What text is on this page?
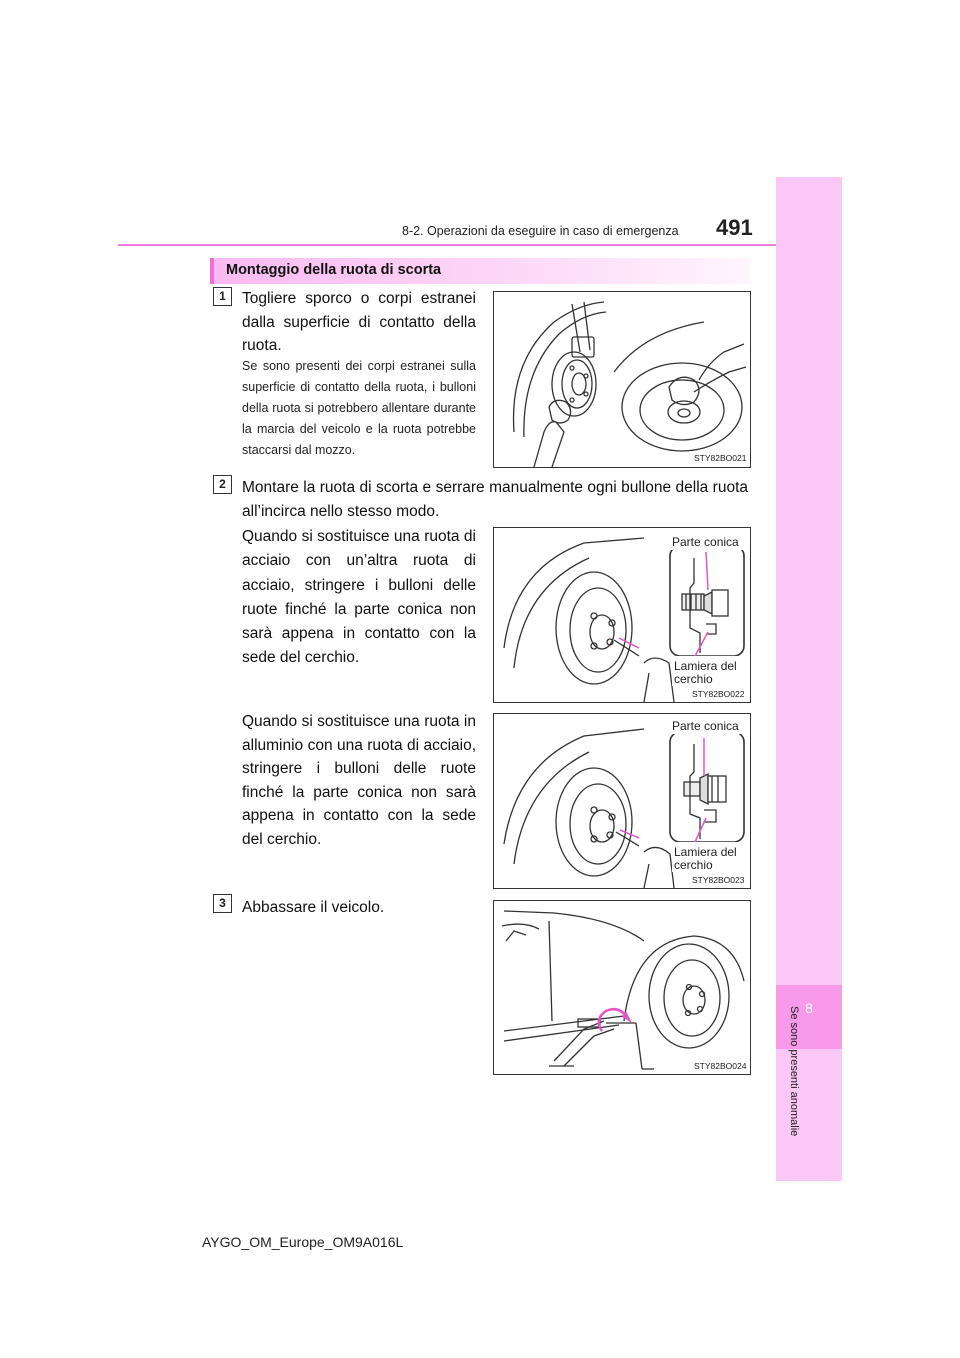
8-2. Operazioni da eseguire in caso di emergenza 491
8
Montaggio della ruota di scorta
1	Togliere sporco o corpi estranei dalla superficie di contatto della ruota.
Se sono presenti dei corpi estranei sulla superficie di contatto della ruota, i bulloni della ruota si potrebbero allentare durante la marcia del veicolo e la ruota potrebbe staccarsi dal mozzo.
STY82BO021
2	Montare la ruota di scorta e serrare manualmente ogni bullone della ruota all’incirca nello stesso modo.
Quando si sostituisce una ruota di acciaio con un’altra ruota di acciaio, stringere i bulloni delle ruote finché la parte conica non sarà appena in contatto con la sede del cerchio.
Parte conica
Lamiera del
cerchio
STY82BO022
Quando si sostituisce una ruota in alluminio con una ruota di acciaio, stringere i bulloni delle ruote finché la parte conica non sarà appena in contatto con la sede del cerchio.
Parte conica
Lamiera del
cerchio
STY82BO023
3	Abbassare il veicolo.
STY82BO024
AYGO_OM_Europe_OM9A016L
